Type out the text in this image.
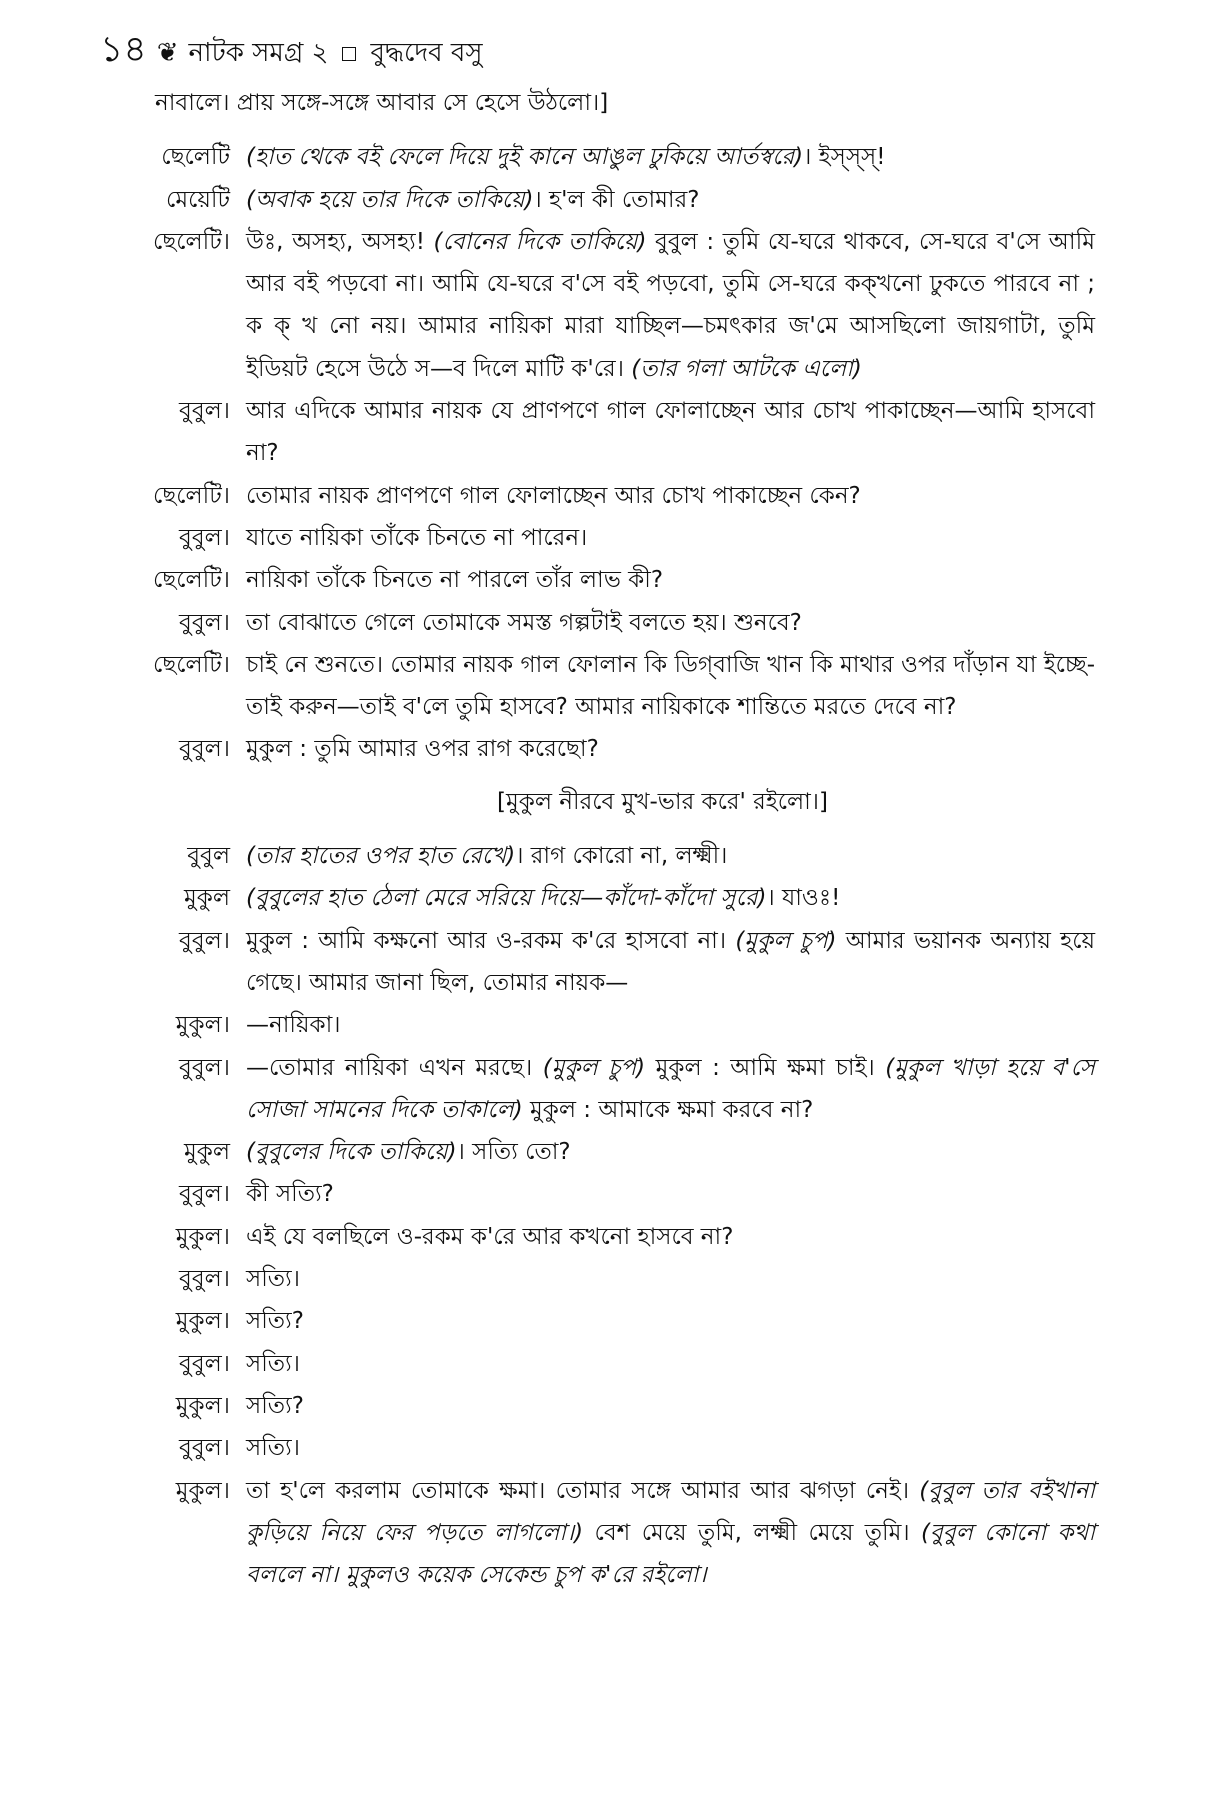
১৪ ❦ নাটক সমগ্র ২ বুদ্ধদেব বসু
নাবালে। প্রায় সঙ্গে-সঙ্গে আবার সে হেসে উঠলো।]
ছেলেটি (হাত থেকে বই ফেলে দিয়ে দুই কানে আঙুল ঢুকিয়ে আর্তস্বরে)। ইস্‌স্‌স্‌!
মেয়েটি (অবাক হয়ে তার দিকে তাকিয়ে)। হ'ল কী তোমার?
ছেলেটি। উঃ, অসহ্য, অসহ্য! (বোনের দিকে তাকিয়ে) বুবুল : তুমি যে-ঘরে থাকবে, সে-ঘরে ব'সে আমি আর বই পড়বো না। আমি যে-ঘরে ব'সে বই পড়বো, তুমি সে-ঘরে কক্‌খনো ঢুকতে পারবে না ; ক ক্‌ খ নো নয়। আমার নায়িকা মারা যাচ্ছিল—চমৎকার জ'মে আসছিলো জায়গাটা, তুমি ইডিয়ট হেসে উঠে স—ব দিলে মাটি ক'রে। (তার গলা আটকে এলো)
বুবুল। আর এদিকে আমার নায়ক যে প্রাণপণে গাল ফোলাচ্ছেন আর চোখ পাকাচ্ছেন—আমি হাসবো না?
ছেলেটি। তোমার নায়ক প্রাণপণে গাল ফোলাচ্ছেন আর চোখ পাকাচ্ছেন কেন?
বুবুল। যাতে নায়িকা তাঁকে চিনতে না পারেন।
ছেলেটি। নায়িকা তাঁকে চিনতে না পারলে তাঁর লাভ কী?
বুবুল। তা বোঝাতে গেলে তোমাকে সমস্ত গল্পটাই বলতে হয়। শুনবে?
ছেলেটি। চাই নে শুনতে। তোমার নায়ক গাল ফোলান কি ডিগ্‌বাজি খান কি মাথার ওপর দাঁড়ান যা ইচ্ছে-তাই করুন—তাই ব'লে তুমি হাসবে? আমার নায়িকাকে শান্তিতে মরতে দেবে না?
বুবুল। মুকুল : তুমি আমার ওপর রাগ করেছো?
[মুকুল নীরবে মুখ-ভার করে' রইলো।]
বুবুল (তার হাতের ওপর হাত রেখে)। রাগ কোরো না, লক্ষ্মী।
মুকুল (বুবুলের হাত ঠেলা মেরে সরিয়ে দিয়ে—কাঁদো-কাঁদো সুরে)। যাওঃ!
বুবুল। মুকুল : আমি কক্ষনো আর ও-রকম ক'রে হাসবো না। (মুকুল চুপ) আমার ভয়ানক অন্যায় হয়ে গেছে। আমার জানা ছিল, তোমার নায়ক—
মুকুল। —নায়িকা।
বুবুল। —তোমার নায়িকা এখন মরছে। (মুকুল চুপ) মুকুল : আমি ক্ষমা চাই। (মুকুল খাড়া হয়ে ব'সে সোজা সামনের দিকে তাকালে) মুকুল : আমাকে ক্ষমা করবে না?
মুকুল (বুবুলের দিকে তাকিয়ে)। সত্যি তো?
বুবুল। কী সত্যি?
মুকুল। এই যে বলছিলে ও-রকম ক'রে আর কখনো হাসবে না?
বুবুল। সত্যি।
মুকুল। সত্যি?
বুবুল। সত্যি।
মুকুল। সত্যি?
বুবুল। সত্যি।
মুকুল। তা হ'লে করলাম তোমাকে ক্ষমা। তোমার সঙ্গে আমার আর ঝগড়া নেই। (বুবুল তার বইখানা কুড়িয়ে নিয়ে ফের পড়তে লাগলো।) বেশ মেয়ে তুমি, লক্ষ্মী মেয়ে তুমি। (বুবুল কোনো কথা বললে না। মুকুলও কয়েক সেকেন্ড চুপ ক'রে রইলো।
